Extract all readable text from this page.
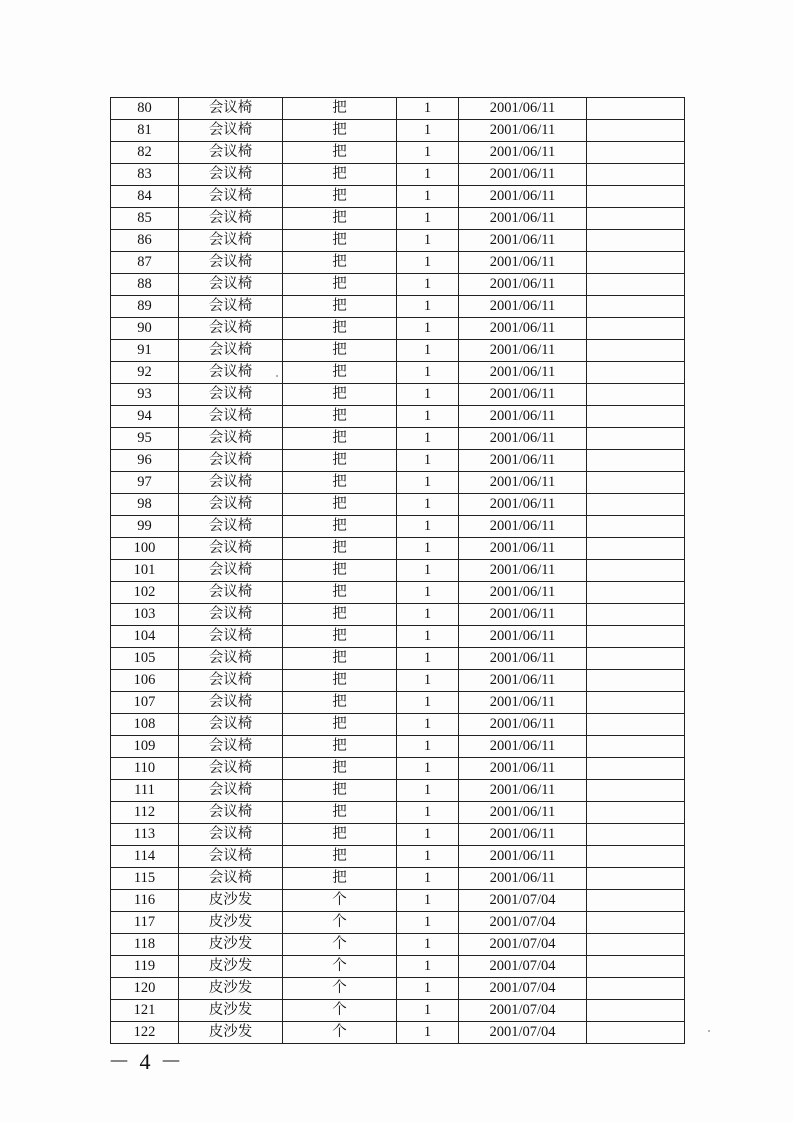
80	会议椅	把	1	2001/06/11	
81	会议椅	把	1	2001/06/11	
82	会议椅	把	1	2001/06/11	
83	会议椅	把	1	2001/06/11	
84	会议椅	把	1	2001/06/11	
85	会议椅	把	1	2001/06/11	
86	会议椅	把	1	2001/06/11	
87	会议椅	把	1	2001/06/11	
88	会议椅	把	1	2001/06/11	
89	会议椅	把	1	2001/06/11	
90	会议椅	把	1	2001/06/11	
91	会议椅	把	1	2001/06/11	
92	会议椅	把	1	2001/06/11	
93	会议椅	把	1	2001/06/11	
94	会议椅	把	1	2001/06/11	
95	会议椅	把	1	2001/06/11	
96	会议椅	把	1	2001/06/11	
97	会议椅	把	1	2001/06/11	
98	会议椅	把	1	2001/06/11	
99	会议椅	把	1	2001/06/11	
100	会议椅	把	1	2001/06/11	
101	会议椅	把	1	2001/06/11	
102	会议椅	把	1	2001/06/11	
103	会议椅	把	1	2001/06/11	
104	会议椅	把	1	2001/06/11	
105	会议椅	把	1	2001/06/11	
106	会议椅	把	1	2001/06/11	
107	会议椅	把	1	2001/06/11	
108	会议椅	把	1	2001/06/11	
109	会议椅	把	1	2001/06/11	
110	会议椅	把	1	2001/06/11	
111	会议椅	把	1	2001/06/11	
112	会议椅	把	1	2001/06/11	
113	会议椅	把	1	2001/06/11	
114	会议椅	把	1	2001/06/11	
115	会议椅	把	1	2001/06/11	
116	皮沙发	个	1	2001/07/04	
117	皮沙发	个	1	2001/07/04	
118	皮沙发	个	1	2001/07/04	
119	皮沙发	个	1	2001/07/04	
120	皮沙发	个	1	2001/07/04	
121	皮沙发	个	1	2001/07/04	
122	皮沙发	个	1	2001/07/04	
－ 4 －
